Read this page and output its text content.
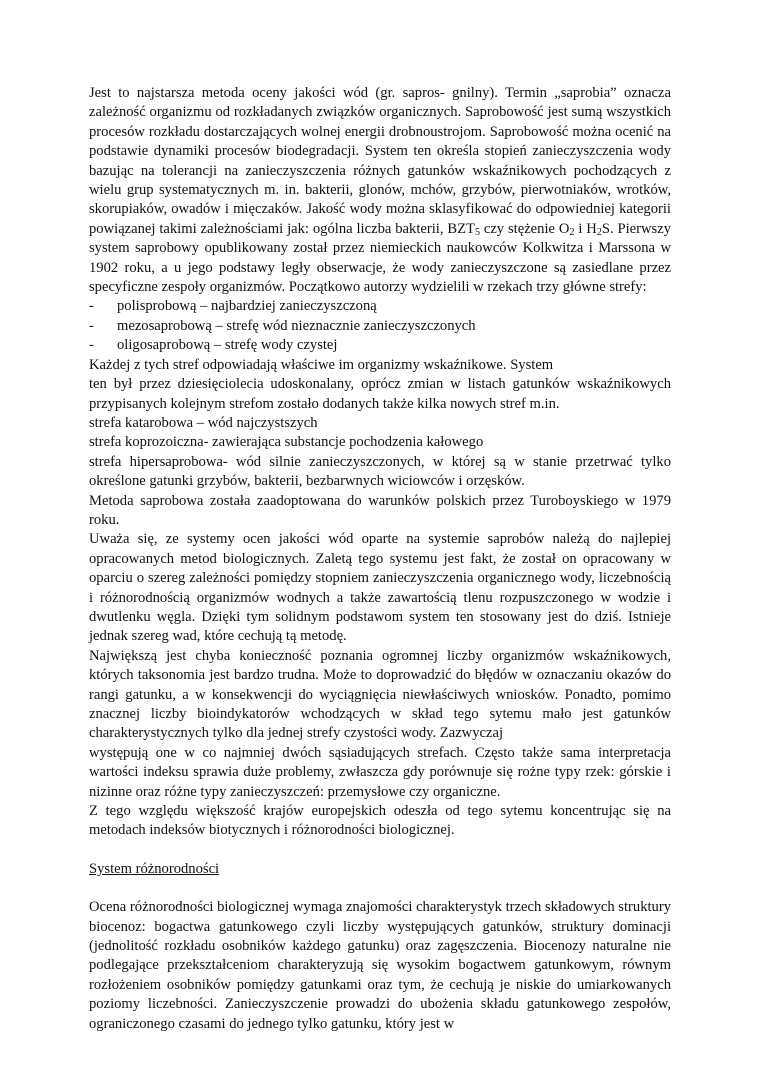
Jest to najstarsza metoda oceny jakości wód (gr. sapros- gnilny). Termin „saprobia” oznacza zależność organizmu od rozkładanych związków organicznych. Saprobowość jest sumą wszystkich procesów rozkładu dostarczających wolnej energii drobnoustrojom. Saprobowość można ocenić na podstawie dynamiki procesów biodegradacji. System ten określa stopień zanieczyszczenia wody bazując na tolerancji na zanieczyszczenia różnych gatunków wskaźnikowych pochodzących z wielu grup systematycznych m. in. bakterii, glonów, mchów, grzybów, pierwotniaków, wrotków, skorupiaków, owadów i mięczaków. Jakość wody można sklasyfikować do odpowiedniej kategorii powiązanej takimi zależnościami jak: ogólna liczba bakterii, $BZT_5$ czy stężenie $O_2$ i $H_2S$. Pierwszy system saprobowy opublikowany został przez niemieckich naukowców Kolkwitza i Marssona w 1902 roku, a u jego podstawy legły obserwacje, że wody zanieczyszczone są zasiedlane przez specyficzne zespoły organizmów. Początkowo autorzy wydzielili w rzekach trzy główne strefy:

- polisprobową – najbardziej zanieczyszczoną
- mezosaprobową – strefę wód nieznacznie zanieczyszczonych
- oligosaprobową – strefę wody czystej

Każdej z tych stref odpowiadają właściwe im organizmy wskaźnikowe. System

ten był przez dziesięciolecia udoskonalany, oprócz zmian w listach gatunków wskaźnikowych przypisanych kolejnym strefom zostało dodanych także kilka nowych stref m.in.

strefa katarobowa – wód najczystszych

strefa koprozoiczna- zawierająca substancje pochodzenia kałowego

strefa hipersaprobowa- wód silnie zanieczyszczonych, w której są w stanie przetrwać tylko określone gatunki grzybów, bakterii, bezbarwnych wiciowców i orzęsków.

Metoda saprobowa została zaadoptowana do warunków polskich przez Turoboyskiego w 1979 roku.

Uważa się, ze systemy ocen jakości wód oparte na systemie saprobów należą do najlepiej opracowanych metod biologicznych. Zaletą tego systemu jest fakt, że został on opracowany w oparciu o szereg zależności pomiędzy stopniem zanieczyszczenia organicznego wody, liczebnością i różnorodnością organizmów wodnych a także zawartością tlenu rozpuszczonego w wodzie i dwutlenku węgla. Dzięki tym solidnym podstawom system ten stosowany jest do dziś. Istnieje jednak szereg wad, które cechują tą metodę.

Największą jest chyba konieczność poznania ogromnej liczby organizmów wskaźnikowych, których taksonomia jest bardzo trudna. Może to doprowadzić do błędów w oznaczaniu okazów do rangi gatunku, a w konsekwencji do wyciągnięcia niewłaściwych wniosków. Ponadto, pomimo znacznej liczby bioindykatorów wchodzących w skład tego sytemu mało jest gatunków charakterystycznych tylko dla jednej strefy czystości wody. Zazwyczaj

występują one w co najmniej dwóch sąsiadujących strefach. Często także sama interpretacja wartości indeksu sprawia duże problemy, zwłaszcza gdy porównuje się rożne typy rzek: górskie i nizinne oraz różne typy zanieczyszczeń: przemysłowe czy organiczne.

Z tego względu większość krajów europejskich odeszła od tego sytemu koncentrując się na metodach indeksów biotycznych i różnorodności biologicznej.

System różnorodności

Ocena różnorodności biologicznej wymaga znajomości charakterystyk trzech składowych struktury biocenoz: bogactwa gatunkowego czyli liczby występujących gatunków, struktury dominacji (jednolitość rozkładu osobników każdego gatunku) oraz zagęszczenia. Biocenozy naturalne nie podlegające przekształceniom charakteryzują się wysokim bogactwem gatunkowym, równym rozłożeniem osobników pomiędzy gatunkami oraz tym, że cechują je niskie do umiarkowanych poziomy liczebności. Zanieczyszczenie prowadzi do ubożenia składu gatunkowego zespołów, ograniczonego czasami do jednego tylko gatunku, który jest w
